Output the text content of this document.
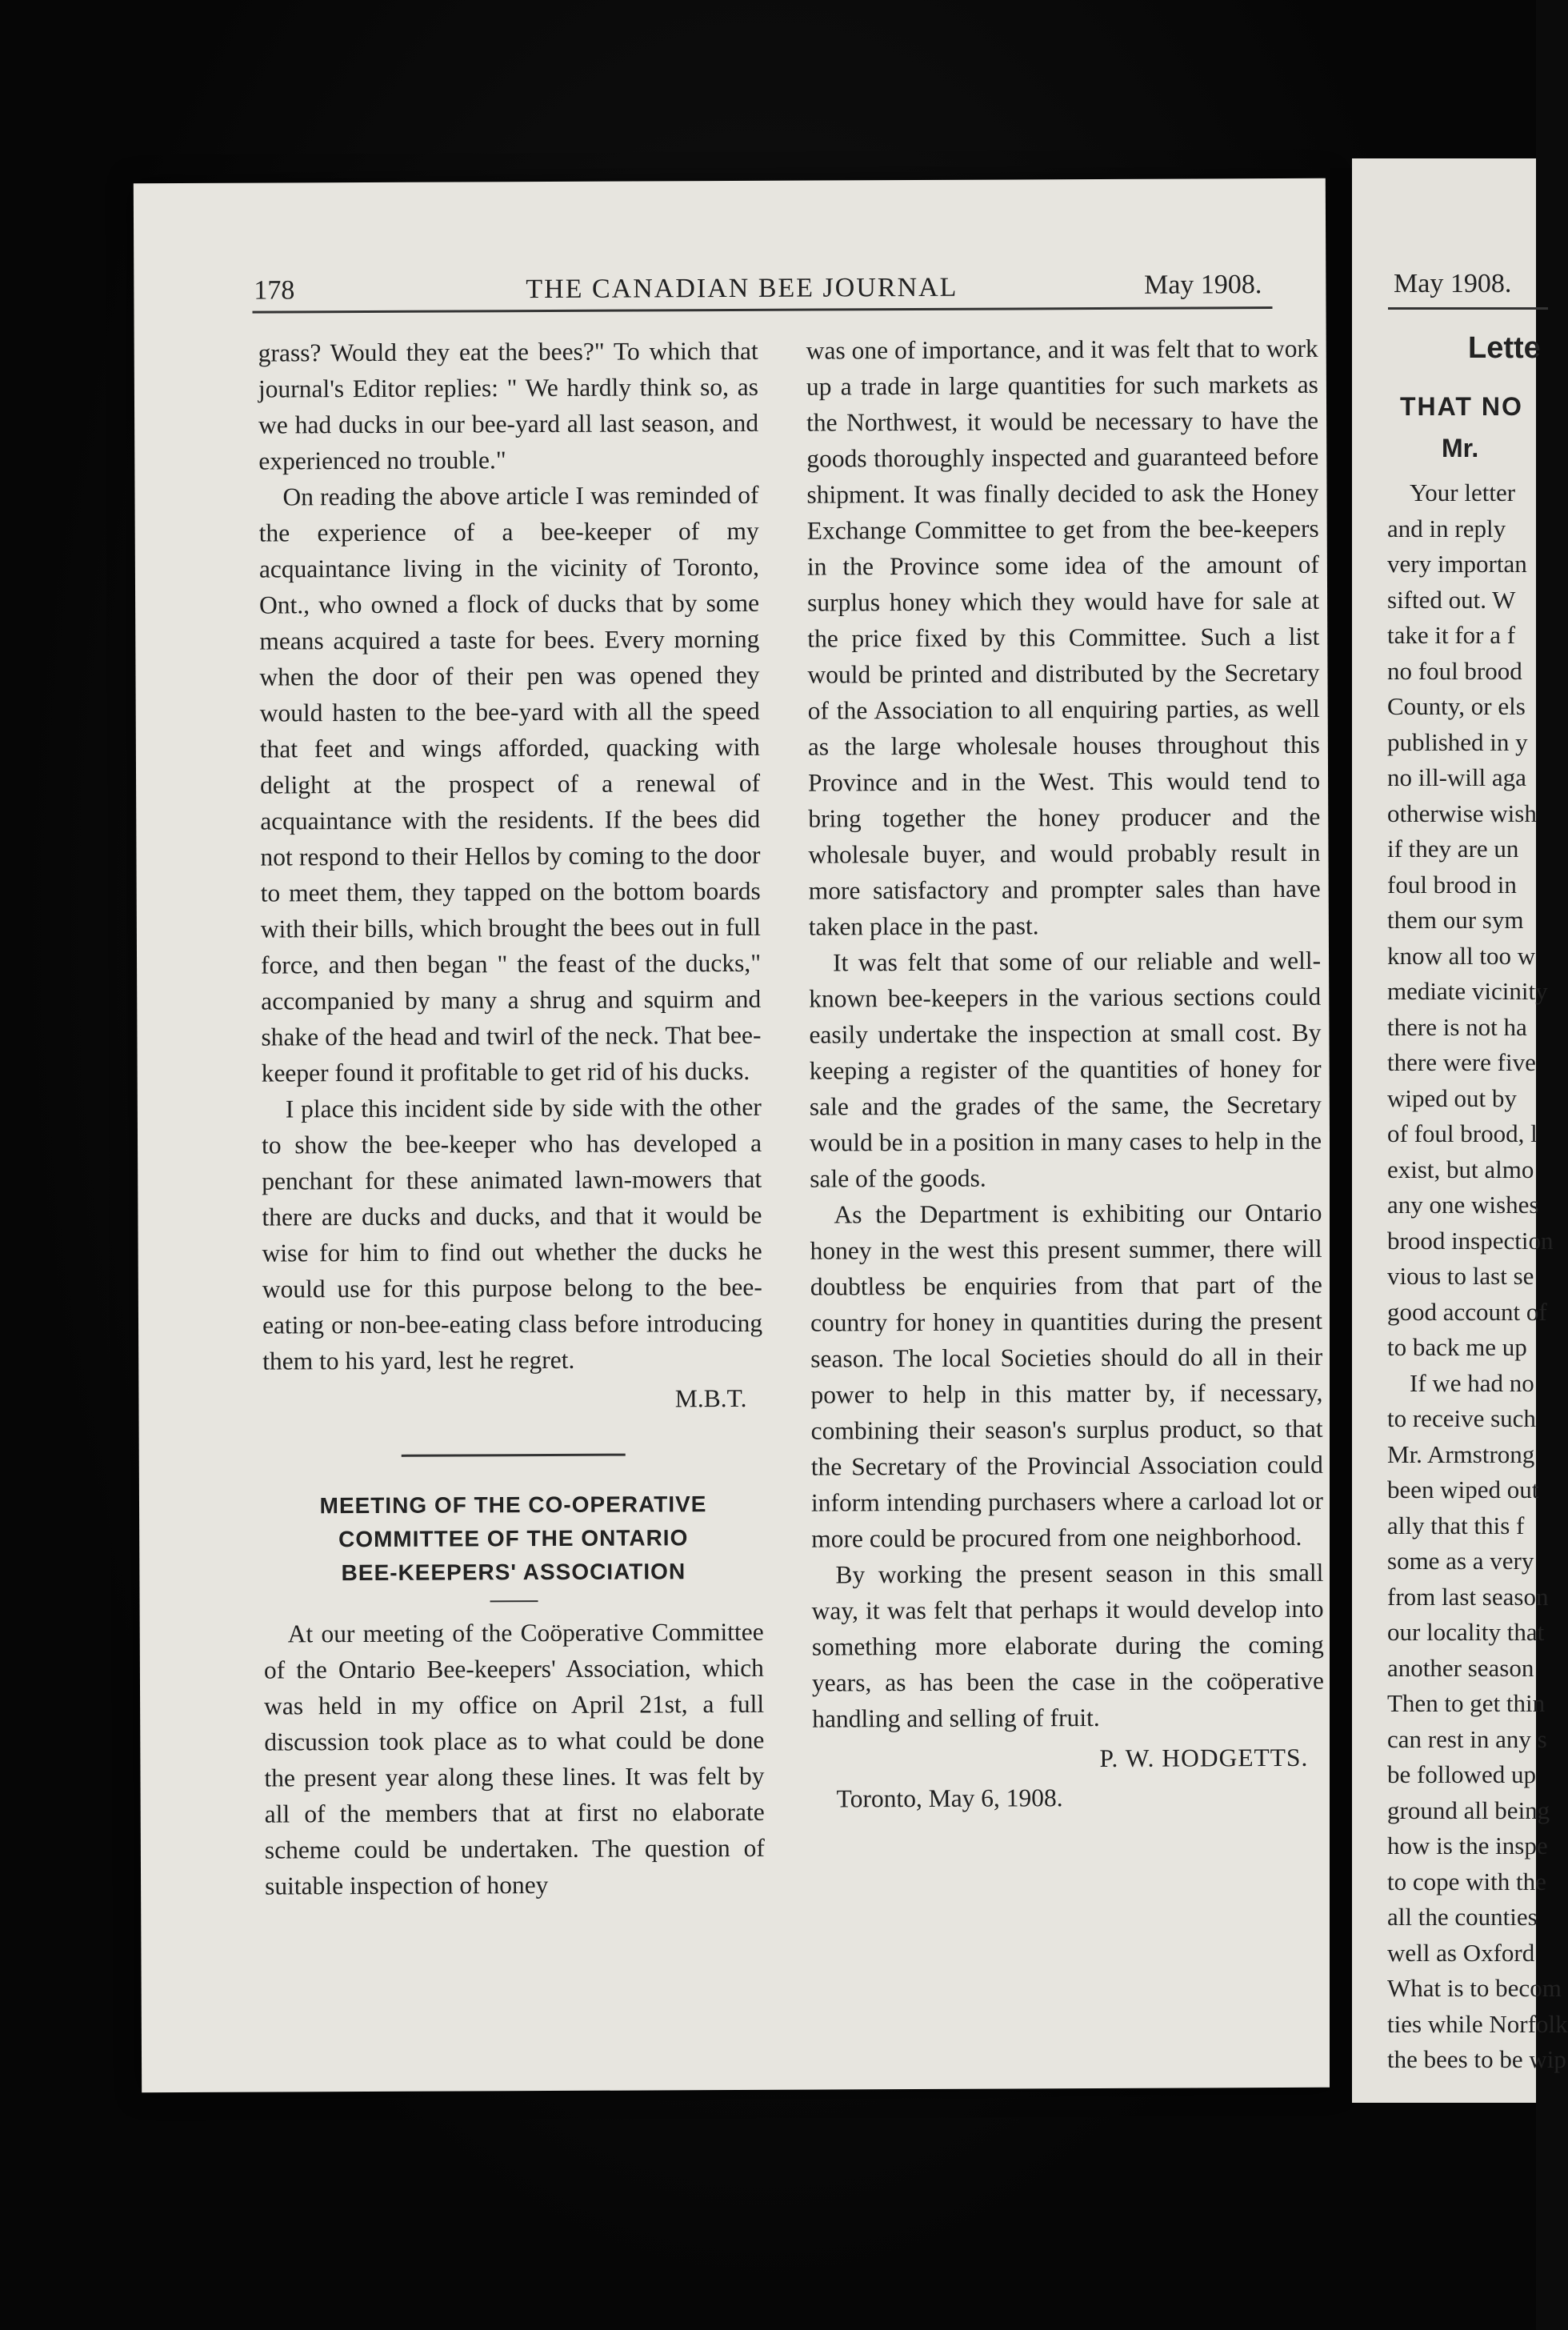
178	THE CANADIAN BEE JOURNAL	May 1908.

grass? Would they eat the bees?" To which that journal's Editor replies: " We hardly think so, as we had ducks in our bee-yard all last season, and experienced no trouble."

On reading the above article I was reminded of the experience of a bee-keeper of my acquaintance living in the vicinity of Toronto, Ont., who owned a flock of ducks that by some means acquired a taste for bees. Every morning when the door of their pen was opened they would hasten to the bee-yard with all the speed that feet and wings afforded, quacking with delight at the prospect of a renewal of acquaintance with the residents. If the bees did not respond to their Hellos by coming to the door to meet them, they tapped on the bottom boards with their bills, which brought the bees out in full force, and then began " the feast of the ducks," accompanied by many a shrug and squirm and shake of the head and twirl of the neck. That bee-keeper found it profitable to get rid of his ducks.

I place this incident side by side with the other to show the bee-keeper who has developed a penchant for these animated lawn-mowers that there are ducks and ducks, and that it would be wise for him to find out whether the ducks he would use for this purpose belong to the bee-eating or non-bee-eating class before introducing them to his yard, lest he regret.

M.B.T.
MEETING OF THE CO-OPERATIVE
COMMITTEE OF THE ONTARIO
BEE-KEEPERS' ASSOCIATION

At our meeting of the Coöperative Committee of the Ontario Bee-keepers' Association, which was held in my office on April 21st, a full discussion took place as to what could be done the present year along these lines. It was felt by all of the members that at first no elaborate scheme could be undertaken. The question of suitable inspection of honey

was one of importance, and it was felt that to work up a trade in large quantities for such markets as the Northwest, it would be necessary to have the goods thoroughly inspected and guaranteed before shipment. It was finally decided to ask the Honey Exchange Committee to get from the bee-keepers in the Province some idea of the amount of surplus honey which they would have for sale at the price fixed by this Committee. Such a list would be printed and distributed by the Secretary of the Association to all enquiring parties, as well as the large wholesale houses throughout this Province and in the West. This would tend to bring together the honey producer and the wholesale buyer, and would probably result in more satisfactory and prompter sales than have taken place in the past.

It was felt that some of our reliable and well-known bee-keepers in the various sections could easily undertake the inspection at small cost. By keeping a register of the quantities of honey for sale and the grades of the same, the Secretary would be in a position in many cases to help in the sale of the goods.

As the Department is exhibiting our Ontario honey in the west this present summer, there will doubtless be enquiries from that part of the country for honey in quantities during the present season. The local Societies should do all in their power to help in this matter by, if necessary, combining their season's surplus product, so that the Secretary of the Provincial Association could inform intending purchasers where a carload lot or more could be procured from one neighborhood.

By working the present season in this small way, it was felt that perhaps it would develop into something more elaborate during the coming years, as has been the case in the coöperative handling and selling of fruit.

P. W. HODGETTS.
Toronto, May 6, 1908.
May 1908.
Lette
THAT NO
Mr.
Your letter
and in reply
very importan
sifted out. W
take it for a f
no foul brood
County, or els
published in y
no ill-will aga
otherwise wish
if they are un
foul brood in
them our sym
know all too w
mediate vicinity
there is not ha
there were five
wiped out by
of foul brood, l
exist, but almo
any one wishes
brood inspection
vious to last se
good account of
to back me up
If we had no
to receive such
Mr. Armstrong
been wiped out
ally that this f
some as a very
from last season
our locality that
another season
Then to get thin
can rest in any s
be followed up
ground all being
how is the inspe
to cope with the
all the counties
well as Oxford
What is to becom
ties while Norfolk
the bees to be wip
